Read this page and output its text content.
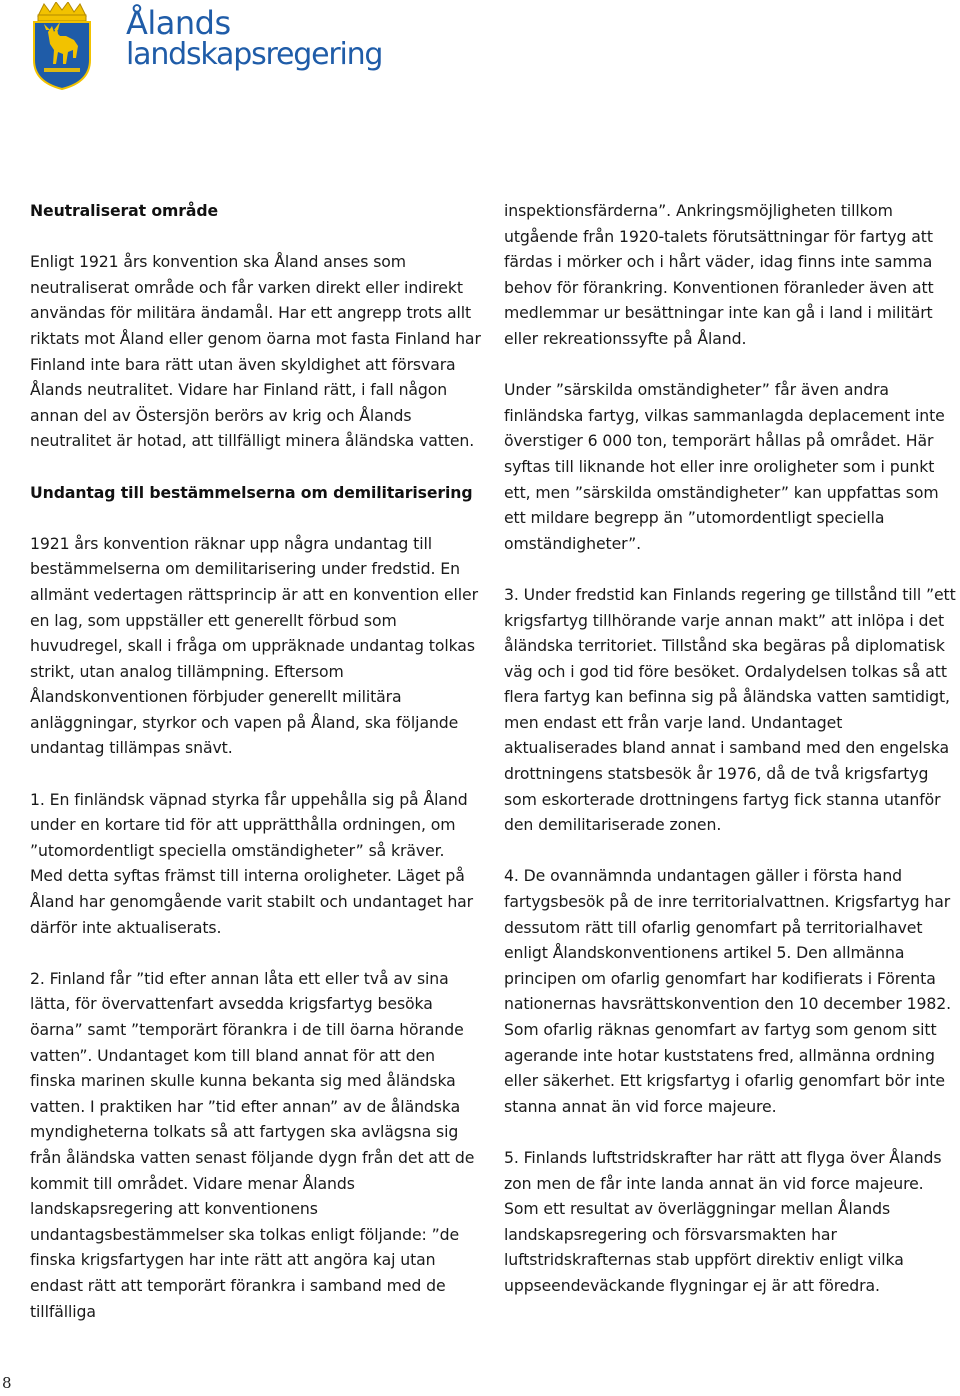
Ålands
landskapsregering
Neutraliserat område

Enligt 1921 års konvention ska Åland anses som neutraliserat område och får varken direkt eller indirekt användas för militära ändamål. Har ett angrepp trots allt riktats mot Åland eller genom öarna mot fasta Finland har Finland inte bara rätt utan även skyldighet att försvara Ålands neutralitet. Vidare har Finland rätt, i fall någon annan del av Östersjön berörs av krig och Ålands neutralitet är hotad, att tillfälligt minera åländska vatten.

Undantag till bestämmelserna om demilitarisering

1921 års konvention räknar upp några undantag till bestämmelserna om demilitarisering under fredstid. En allmänt vedertagen rättsprincip är att en konvention eller en lag, som uppställer ett generellt förbud som huvudregel, skall i fråga om uppräknade undantag tolkas strikt, utan analog tillämpning. Eftersom Ålandskonventionen förbjuder generellt militära anläggningar, styrkor och vapen på Åland, ska följande undantag tillämpas snävt.

1. En finländsk väpnad styrka får uppehålla sig på Åland under en kortare tid för att upprätthålla ordningen, om ”utomordentligt speciella omständigheter” så kräver. Med detta syftas främst till interna oroligheter. Läget på Åland har genomgående varit stabilt och undantaget har därför inte aktualiserats.

2. Finland får ”tid efter annan låta ett eller två av sina lätta, för övervattenfart avsedda krigsfartyg besöka öarna” samt ”temporärt förankra i de till öarna hörande vatten”. Undantaget kom till bland annat för att den finska marinen skulle kunna bekanta sig med åländska vatten. I praktiken har ”tid efter annan” av de åländska myndigheterna tolkats så att fartygen ska avlägsna sig från åländska vatten senast följande dygn från det att de kommit till området. Vidare menar Ålands landskapsregering att konventionens undantagsbestämmelser ska tolkas enligt följande: ”de finska krigsfartygen har inte rätt att angöra kaj utan endast rätt att temporärt förankra i samband med de tillfälliga

inspektionsfärderna”. Ankringsmöjligheten tillkom utgående från 1920-talets förutsättningar för fartyg att färdas i mörker och i hårt väder, idag finns inte samma behov för förankring. Konventionen föranleder även att medlemmar ur besättningar inte kan gå i land i militärt eller rekreationssyfte på Åland.

Under ”särskilda omständigheter” får även andra finländska fartyg, vilkas sammanlagda deplacement inte överstiger 6 000 ton, temporärt hållas på området. Här syftas till liknande hot eller inre oroligheter som i punkt ett, men ”särskilda omständigheter” kan uppfattas som ett mildare begrepp än ”utomordentligt speciella omständigheter”.

3. Under fredstid kan Finlands regering ge tillstånd till ”ett krigsfartyg tillhörande varje annan makt” att inlöpa i det åländska territoriet. Tillstånd ska begäras på diplomatisk väg och i god tid före besöket. Ordalydelsen tolkas så att flera fartyg kan befinna sig på åländska vatten samtidigt, men endast ett från varje land. Undantaget aktualiserades bland annat i samband med den engelska drottningens statsbesök år 1976, då de två krigsfartyg som eskorterade drottningens fartyg fick stanna utanför den demilitariserade zonen.

4. De ovannämnda undantagen gäller i första hand fartygsbesök på de inre territorialvattnen. Krigsfartyg har dessutom rätt till ofarlig genomfart på territorialhavet enligt Ålandskonventionens artikel 5. Den allmänna principen om ofarlig genomfart har kodifierats i Förenta nationernas havsrättskonvention den 10 december 1982. Som ofarlig räknas genomfart av fartyg som genom sitt agerande inte hotar kuststatens fred, allmänna ordning eller säkerhet. Ett krigsfartyg i ofarlig genomfart bör inte stanna annat än vid force majeure.

5. Finlands luftstridskrafter har rätt att flyga över Ålands zon men de får inte landa annat än vid force majeure. Som ett resultat av överläggningar mellan Ålands landskapsregering och försvarsmakten har luftstridskrafternas stab uppfört direktiv enligt vilka uppseendeväckande flygningar ej är att föredra.

8
